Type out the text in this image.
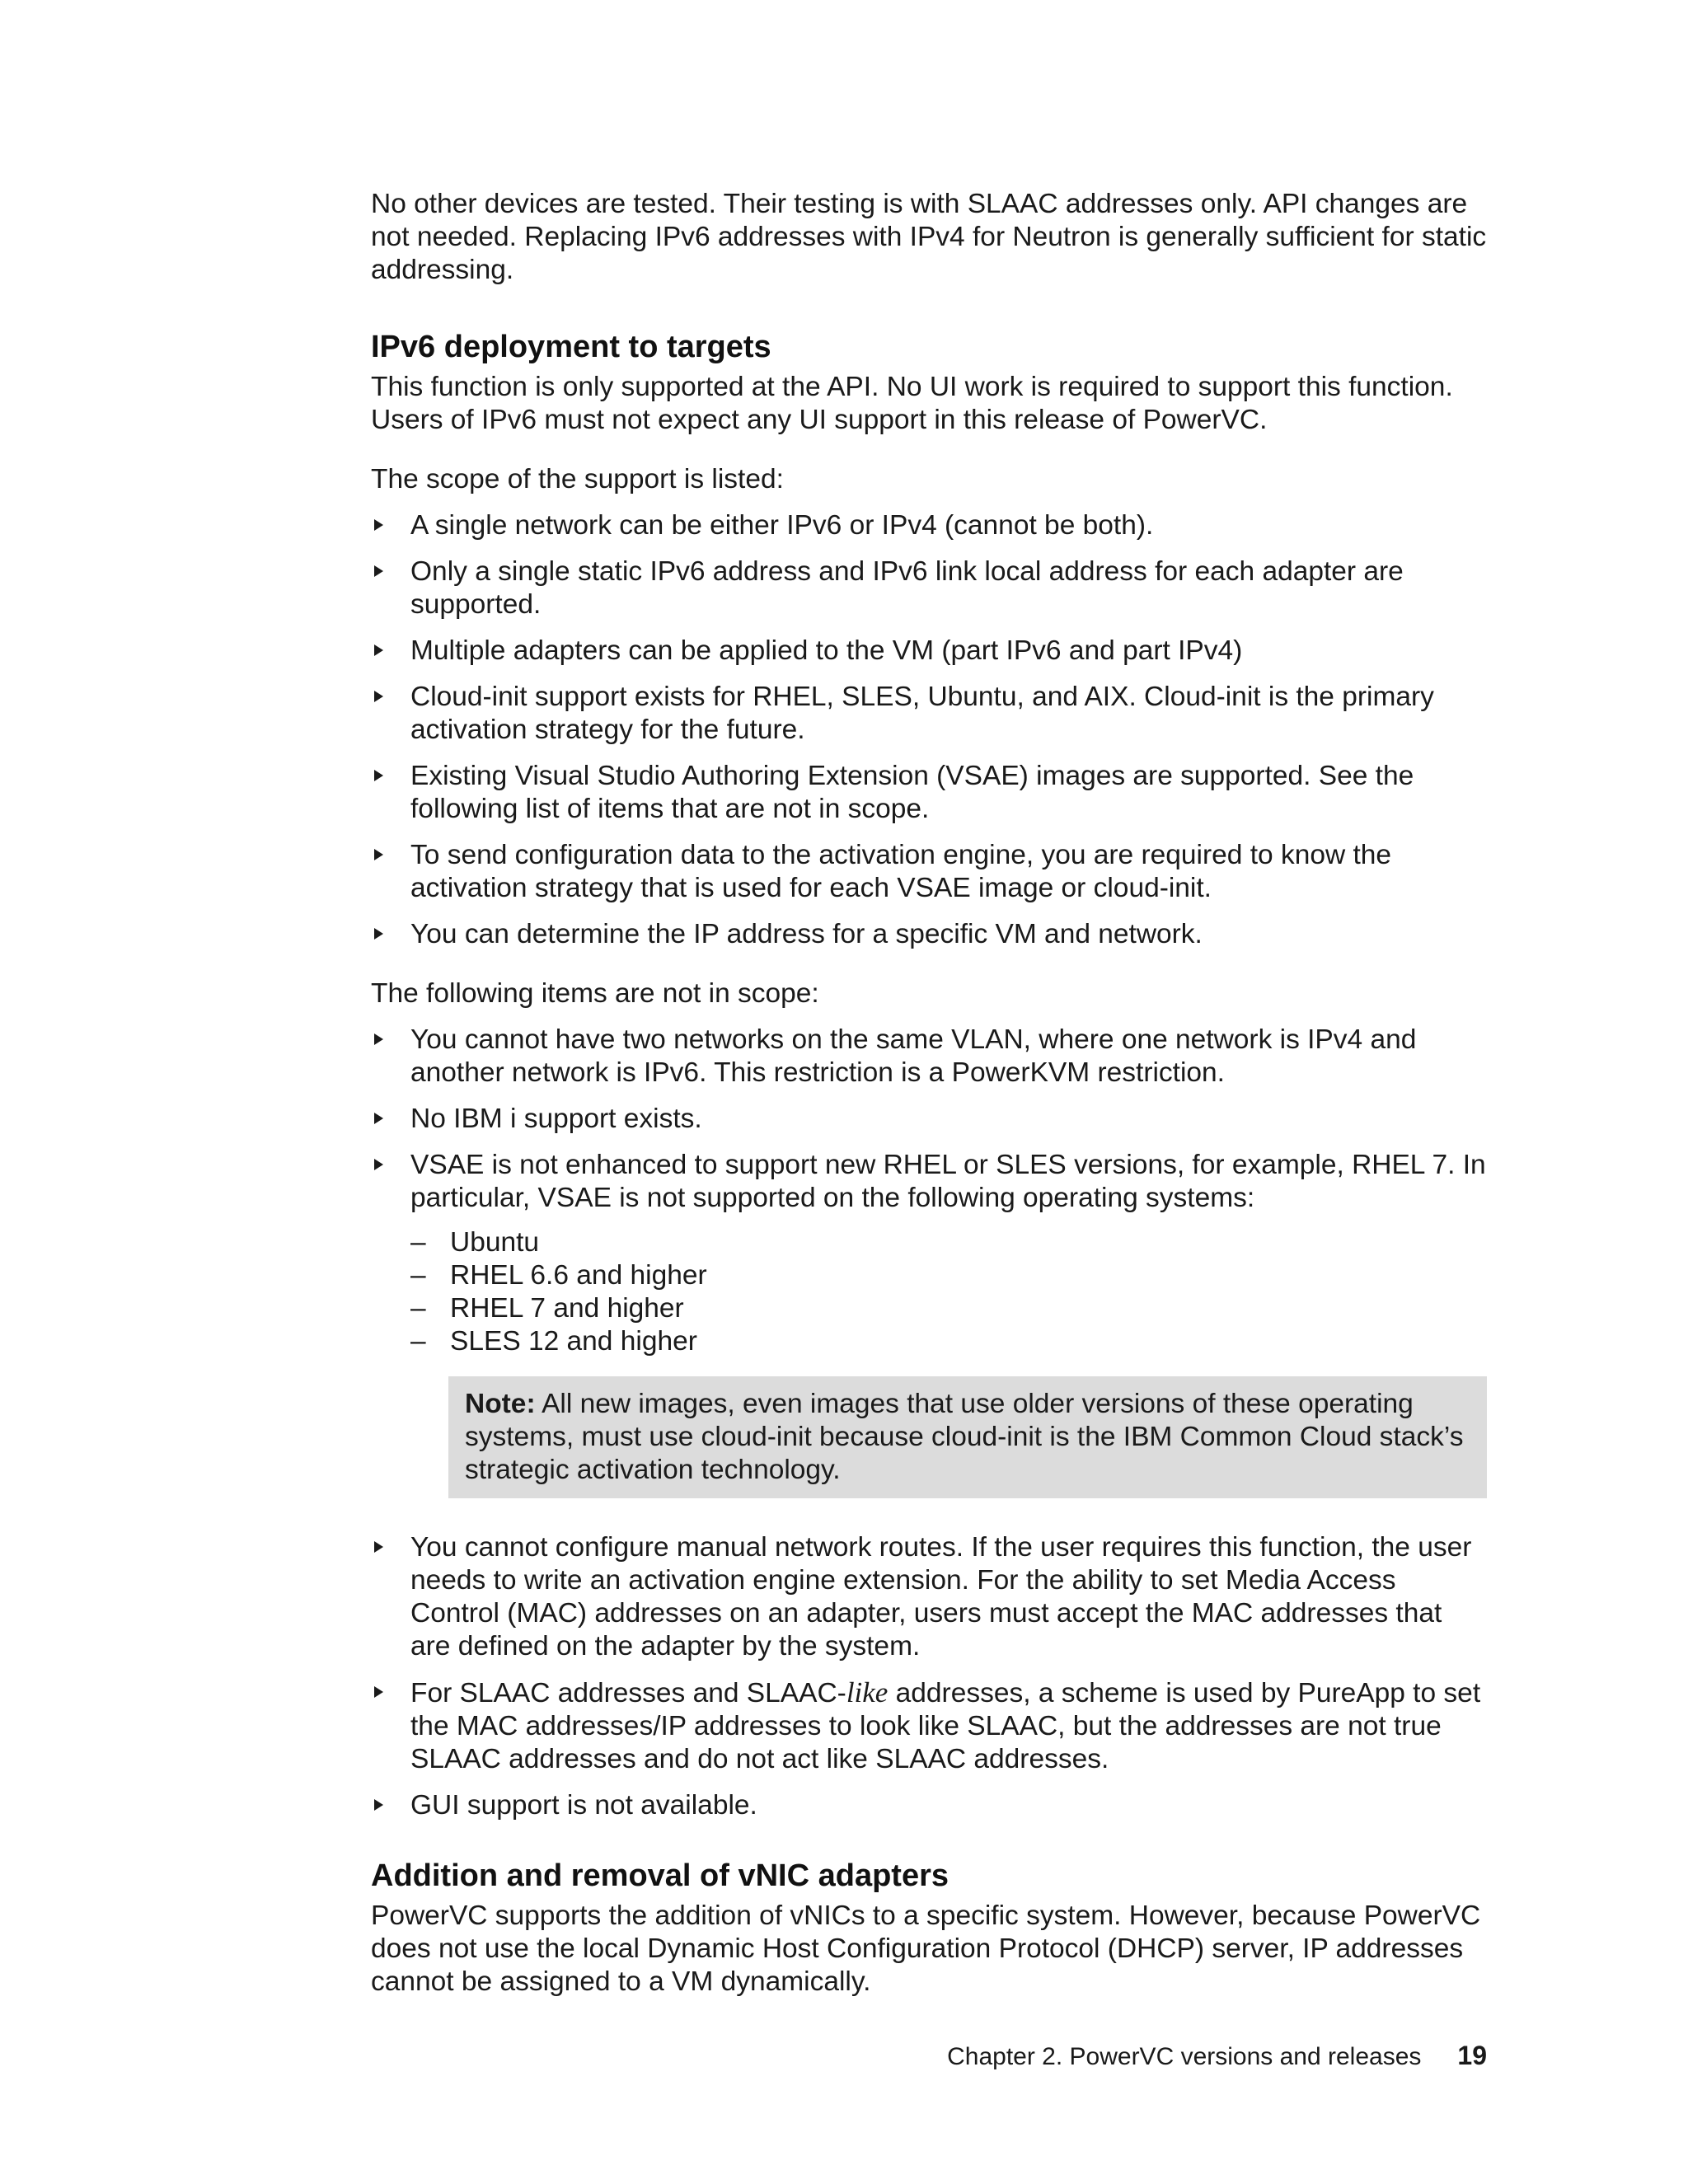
No other devices are tested. Their testing is with SLAAC addresses only. API changes are not needed. Replacing IPv6 addresses with IPv4 for Neutron is generally sufficient for static addressing.

IPv6 deployment to targets

This function is only supported at the API. No UI work is required to support this function. Users of IPv6 must not expect any UI support in this release of PowerVC.

The scope of the support is listed:

A single network can be either IPv6 or IPv4 (cannot be both).
Only a single static IPv6 address and IPv6 link local address for each adapter are supported.
Multiple adapters can be applied to the VM (part IPv6 and part IPv4)
Cloud-init support exists for RHEL, SLES, Ubuntu, and AIX. Cloud-init is the primary activation strategy for the future.
Existing Visual Studio Authoring Extension (VSAE) images are supported. See the following list of items that are not in scope.
To send configuration data to the activation engine, you are required to know the activation strategy that is used for each VSAE image or cloud-init.
You can determine the IP address for a specific VM and network.

The following items are not in scope:

You cannot have two networks on the same VLAN, where one network is IPv4 and another network is IPv6. This restriction is a PowerKVM restriction.
No IBM i support exists.
VSAE is not enhanced to support new RHEL or SLES versions, for example, RHEL 7. In particular, VSAE is not supported on the following operating systems:
– Ubuntu
– RHEL 6.6 and higher
– RHEL 7 and higher
– SLES 12 and higher
Note: All new images, even images that use older versions of these operating systems, must use cloud-init because cloud-init is the IBM Common Cloud stack’s strategic activation technology.
You cannot configure manual network routes. If the user requires this function, the user needs to write an activation engine extension. For the ability to set Media Access Control (MAC) addresses on an adapter, users must accept the MAC addresses that are defined on the adapter by the system.
For SLAAC addresses and SLAAC-like addresses, a scheme is used by PureApp to set the MAC addresses/IP addresses to look like SLAAC, but the addresses are not true SLAAC addresses and do not act like SLAAC addresses.
GUI support is not available.
Addition and removal of vNIC adapters

PowerVC supports the addition of vNICs to a specific system. However, because PowerVC does not use the local Dynamic Host Configuration Protocol (DHCP) server, IP addresses cannot be assigned to a VM dynamically.

Chapter 2. PowerVC versions and releases 19
